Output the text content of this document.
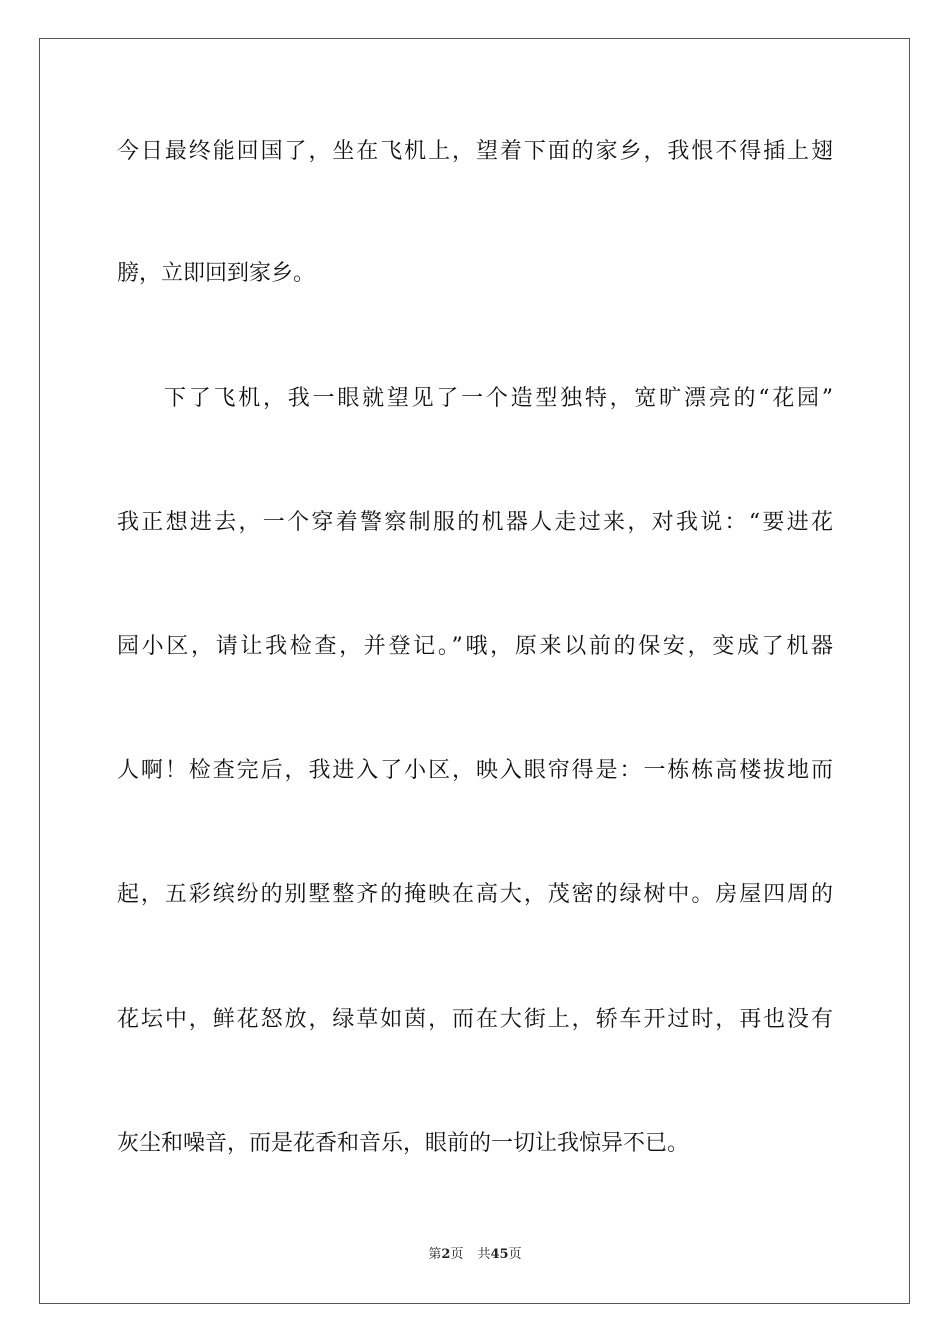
今日最终能回国了，坐在飞机上，望着下面的家乡，我恨不得插上翅
膀，立即回到家乡。
下了飞机，我一眼就望见了一个造型独特，宽旷漂亮的“花园”
我正想进去，一个穿着警察制服的机器人走过来，对我说：“要进花
园小区，请让我检查，并登记。”哦，原来以前的保安，变成了机器
人啊！检查完后，我进入了小区，映入眼帘得是：一栋栋高楼拔地而
起，五彩缤纷的别墅整齐的掩映在高大，茂密的绿树中。房屋四周的
花坛中，鲜花怒放，绿草如茵，而在大街上，轿车开过时，再也没有
灰尘和噪音，而是花香和音乐，眼前的一切让我惊异不已。
第2页 共45页
